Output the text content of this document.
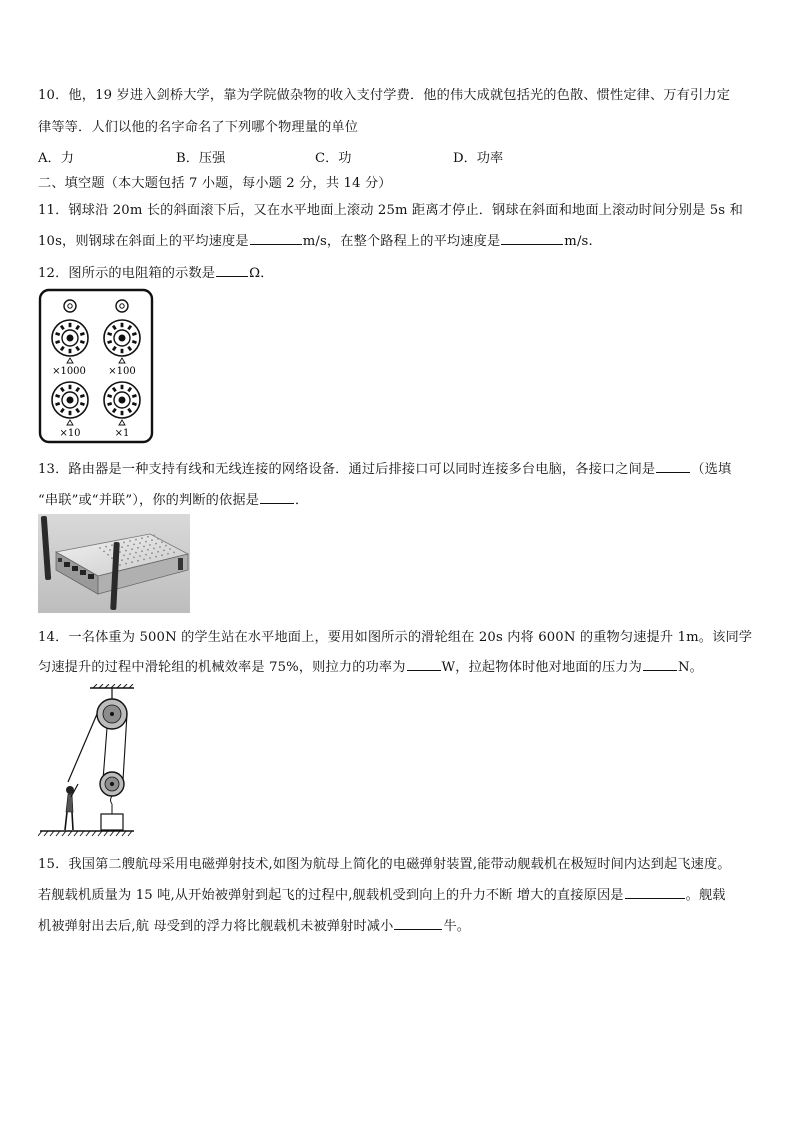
10．他，19 岁进入剑桥大学，靠为学院做杂物的收入支付学费．他的伟大成就包括光的色散、惯性定律、万有引力定
律等等．人们以他的名字命名了下列哪个物理量的单位
A．力	B．压强	C．功	D．功率
二、填空题（本大题包括 7 小题，每小题 2 分，共 14 分）
11．钢球沿 20m 长的斜面滚下后，又在水平地面上滚动 25m 距离才停止．钢球在斜面和地面上滚动时间分别是 5s 和
10s，则钢球在斜面上的平均速度是	m/s，在整个路程上的平均速度是	m/s.
12．图所示的电阻箱的示数是	Ω．
×1000 ×100
×10	×1
13．路由器是一种支持有线和无线连接的网络设备．通过后排接口可以同时连接多台电脑，各接口之间是	（选填
“串联”或“并联”），你的判断的依据是	．
14．一名体重为 500N 的学生站在水平地面上，要用如图所示的滑轮组在 20s 内将 600N 的重物匀速提升 1m。该同学
匀速提升的过程中滑轮组的机械效率是 75%，则拉力的功率为	W，拉起物体时他对地面的压力为	N。
15．我国第二艘航母采用电磁弹射技术,如图为航母上简化的电磁弹射装置,能带动舰载机在极短时间内达到起飞速度。
若舰载机质量为 15 吨,从开始被弹射到起飞的过程中,舰载机受到向上的升力不断 增大的直接原因是	。舰载
机被弹射出去后,航 母受到的浮力将比舰载机未被弹射时减小	牛。
